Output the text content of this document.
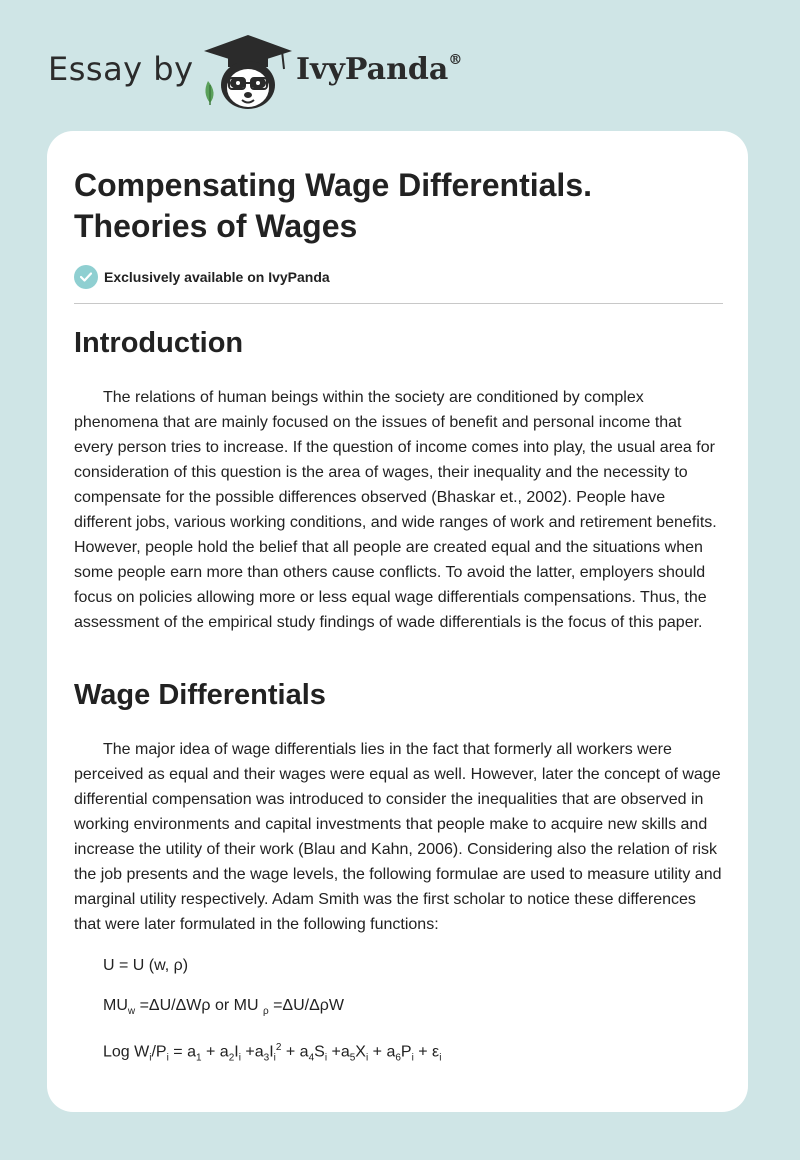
Essay by	IvyPanda®
Compensating Wage Differentials. Theories of Wages
Exclusively available on IvyPanda
Introduction
The relations of human beings within the society are conditioned by complex phenomena that are mainly focused on the issues of benefit and personal income that every person tries to increase. If the question of income comes into play, the usual area for consideration of this question is the area of wages, their inequality and the necessity to compensate for the possible differences observed (Bhaskar et., 2002). People have different jobs, various working conditions, and wide ranges of work and retirement benefits. However, people hold the belief that all people are created equal and the situations when some people earn more than others cause conflicts. To avoid the latter, employers should focus on policies allowing more or less equal wage differentials compensations. Thus, the assessment of the empirical study findings of wade differentials is the focus of this paper.
Wage Differentials
The major idea of wage differentials lies in the fact that formerly all workers were perceived as equal and their wages were equal as well. However, later the concept of wage differential compensation was introduced to consider the inequalities that are observed in working environments and capital investments that people make to acquire new skills and increase the utility of their work (Blau and Kahn, 2006). Considering also the relation of risk the job presents and the wage levels, the following formulae are used to measure utility and marginal utility respectively. Adam Smith was the first scholar to notice these differences that were later formulated in the following functions:
U = U (w, ρ)
$MU_w =\Delta U/\Delta W\rho$ or MU $_\rho$ =ΔU/ΔρW
Log $W_i/P_i = a_1 + a_2I_i +a_3I_i^2 + a_4S_i +a_5X_i + a_6P_i + \varepsilon_i$
